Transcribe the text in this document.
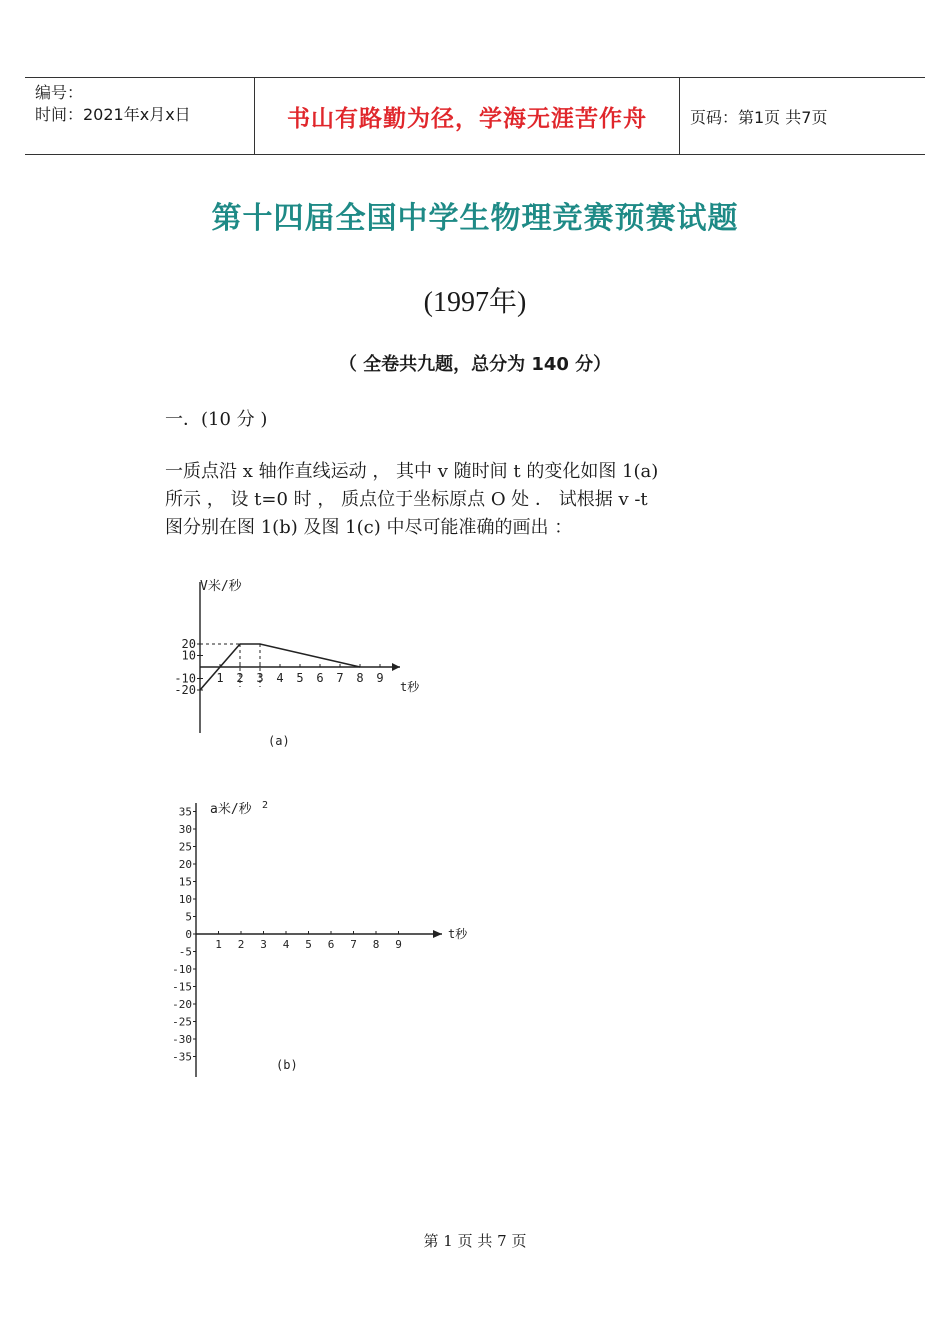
编号：
时间：2021年x月x日	书山有路勤为径，学海无涯苦作舟	页码：第1页 共7页
第十四届全国中学生物理竞赛预赛试题
(1997年)
（ 全卷共九题，总分为 140 分）
一．(10 分 )
一质点沿 x 轴作直线运动 ， 其中 v 随时间 t 的变化如图 1(a)
所示 ， 设 t=0 时 ， 质点位于坐标原点 O 处 ． 试根据 v -t
图分别在图 1(b) 及图 1(c) 中尽可能准确的画出 ：
V米/秒
t秒
(a)
20
10
-10
-20
1 2 3 4 5 6 7 8 9
a米/秒 2
t秒
(b)
35
30
25
20
15
10
5
0
-5
-10
-15
-20
-25
-30
-35
1 2 3 4 5 6 7 8 9
第 1 页 共 7 页
